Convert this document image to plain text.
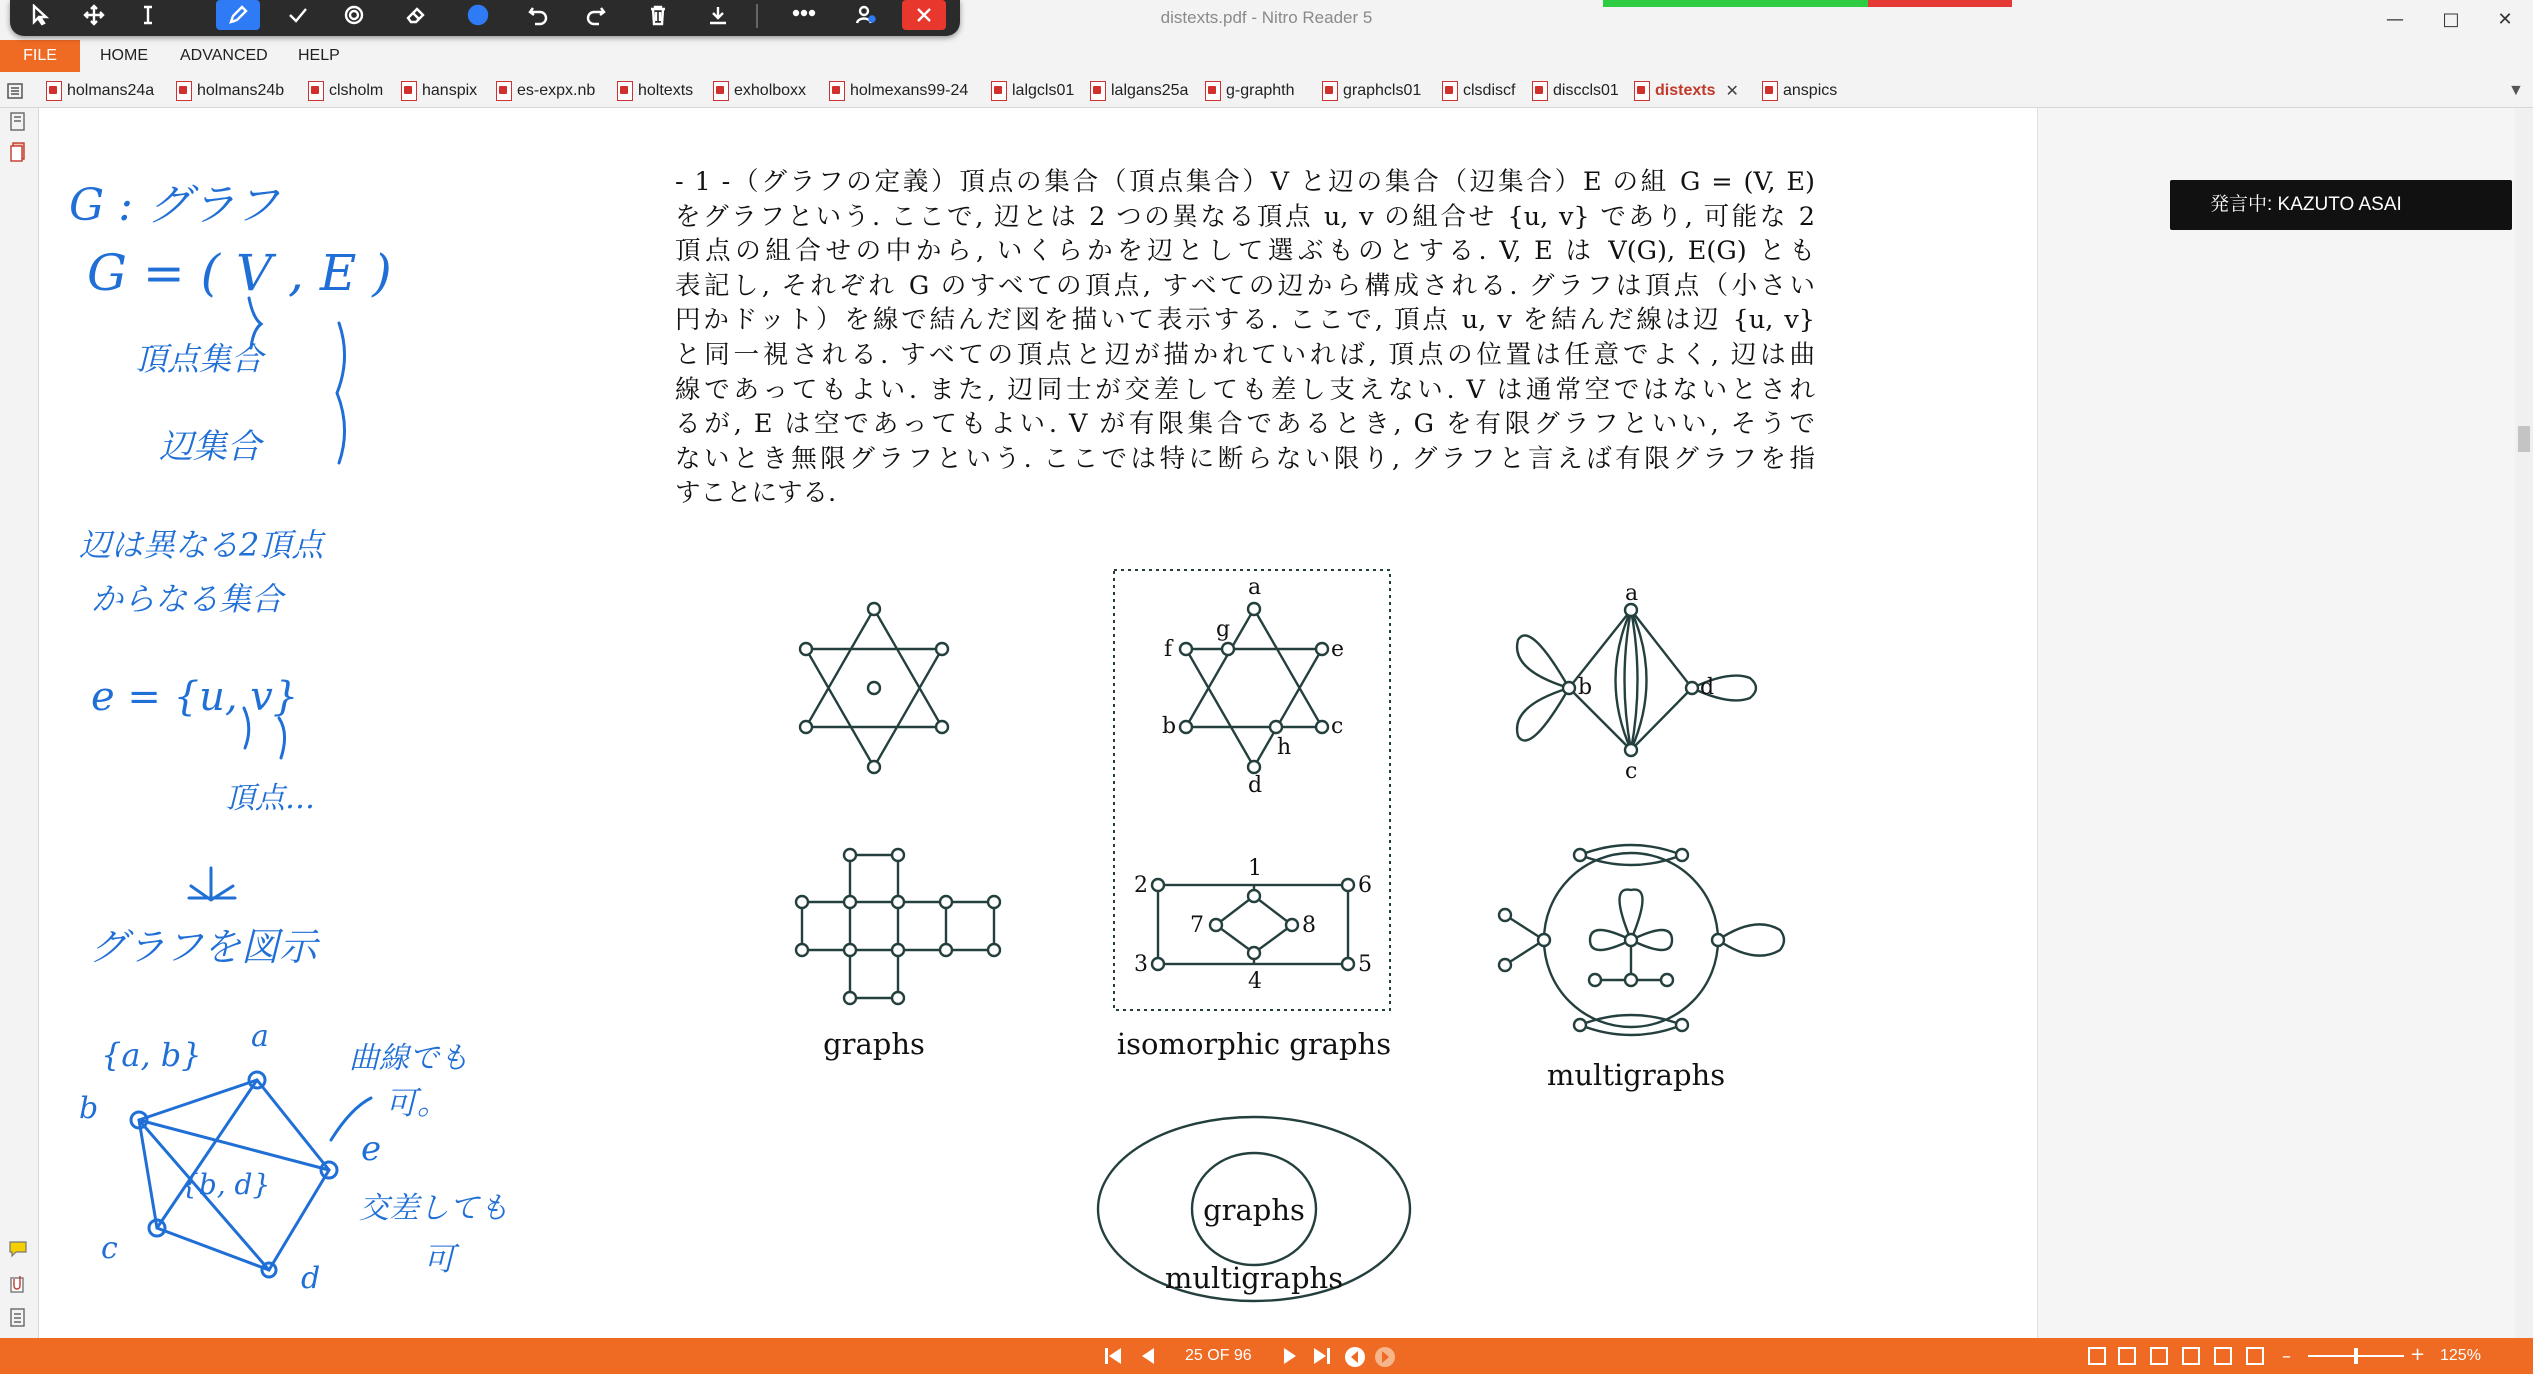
distexts.pdf - Nitro Reader 5	—	□	✕
FILE	HOME ADVANCED HELP
holmans24a	holmans24b	clsholm hanspix es-expx.nb	holtexts	exholboxx	holmexans99-24	lalgcls01 lalgans25a g-graphth	graphcls01	clsdiscf disccls01 distexts ✕	anspics	▼
G : グラフ
G = ( V , E )
頂点集合
辺集合
辺は異なる2頂点
からなる集合
e = {u, v}
頂点…
グラフを図示
{a, b}	曲線でも
可。
交差しても
可
a
b
c
d
e
{b, d}
- 1 -（グラフの定義）頂点の集合（頂点集合）V と辺の集合（辺集合）E の組 G = (V, E)
をグラフという. ここで, 辺とは 2 つの異なる頂点 u, v の組合せ {u, v} であり, 可能な 2
頂点の組合せの中から, いくらかを辺として選ぶものとする. V, E は V(G), E(G) とも
表記し, それぞれ G のすべての頂点, すべての辺から構成される. グラフは頂点（小さい
円かドット）を線で結んだ図を描いて表示する. ここで, 頂点 u, v を結んだ線は辺 {u, v}
と同一視される. すべての頂点と辺が描かれていれば, 頂点の位置は任意でよく, 辺は曲
線であってもよい. また, 辺同士が交差しても差し支えない. V は通常空ではないとされ
るが, E は空であってもよい. V が有限集合であるとき, G を有限グラフといい, そうで
ないとき無限グラフという. ここでは特に断らない限り, グラフと言えば有限グラフを指
すことにする.
a
b	c
d
e
f
g
h
1
2
3
4
5
6
7	8
a
b
c
d
graphs	isomorphic graphs
multigraphs
graphs
multigraphs
発言中: KAZUTO ASAI
25 OF 96	–	+ 125%
